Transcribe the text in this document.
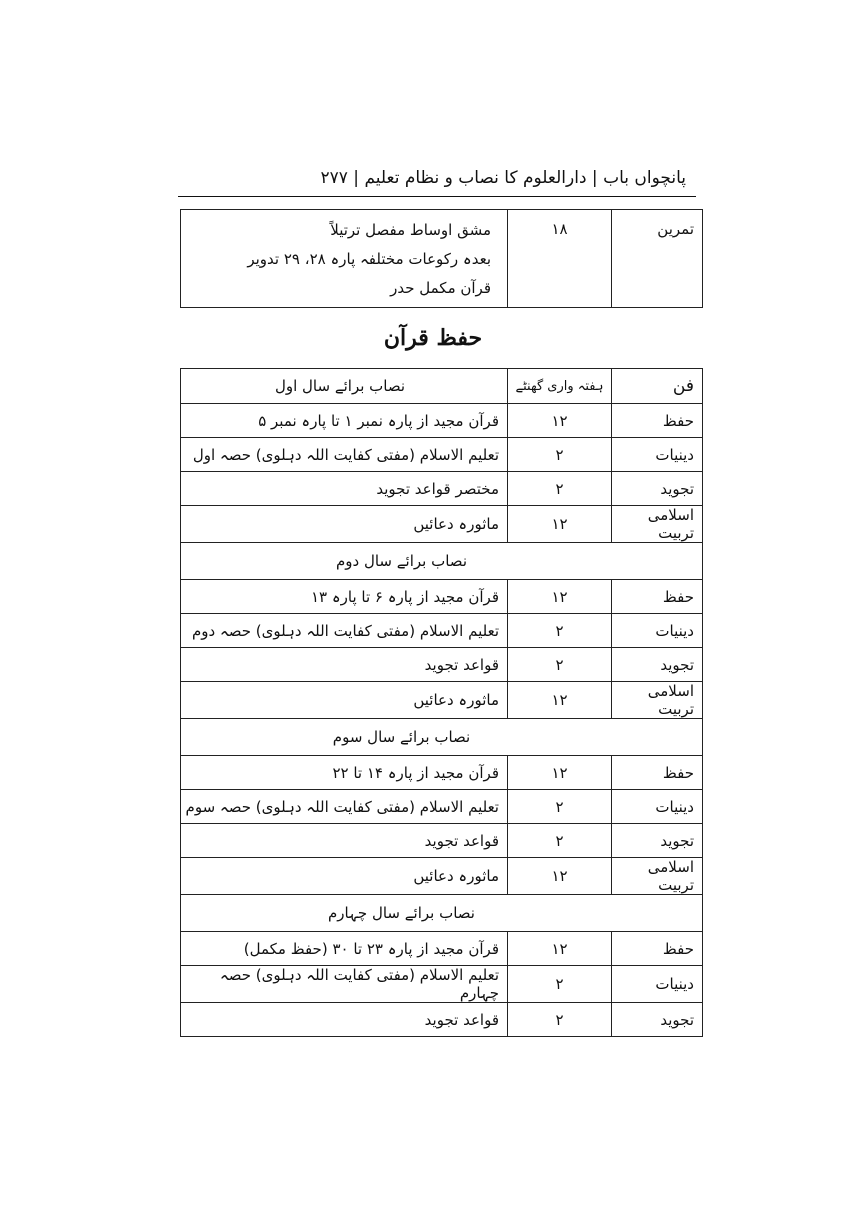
پانچواں باب | دارالعلوم کا نصاب و نظام تعلیم | ۲۷۷
تمرین	۱۸	
مشق اوساط مفصل ترتیلاً
بعدہ رکوعات مختلفہ پارہ ۲۸، ۲۹ تدویر
قرآن مکمل حدر
حفظ قرآن
فن	ہفتہ واری گھنٹے	نصاب برائے سال اول
حفظ	۱۲	قرآن مجید از پارہ نمبر ۱ تا پارہ نمبر ۵
دینیات	۲	تعلیم الاسلام (مفتی کفایت اللہ دہلوی) حصہ اول
تجوید	۲	مختصر قواعد تجوید
اسلامی تربیت	۱۲	ماثورہ دعائیں
نصاب برائے سال دوم		
حفظ	۱۲	قرآن مجید از پارہ ۶ تا پارہ ۱۳
دینیات	۲	تعلیم الاسلام (مفتی کفایت اللہ دہلوی) حصہ دوم
تجوید	۲	قواعد تجوید
اسلامی تربیت	۱۲	ماثورہ دعائیں
نصاب برائے سال سوم		
حفظ	۱۲	قرآن مجید از پارہ ۱۴ تا ۲۲
دینیات	۲	تعلیم الاسلام (مفتی کفایت اللہ دہلوی) حصہ سوم
تجوید	۲	قواعد تجوید
اسلامی تربیت	۱۲	ماثورہ دعائیں
نصاب برائے سال چہارم		
حفظ	۱۲	قرآن مجید از پارہ ۲۳ تا ۳۰ (حفظ مکمل)
دینیات	۲	تعلیم الاسلام (مفتی کفایت اللہ دہلوی) حصہ چہارم
تجوید	۲	قواعد تجوید
